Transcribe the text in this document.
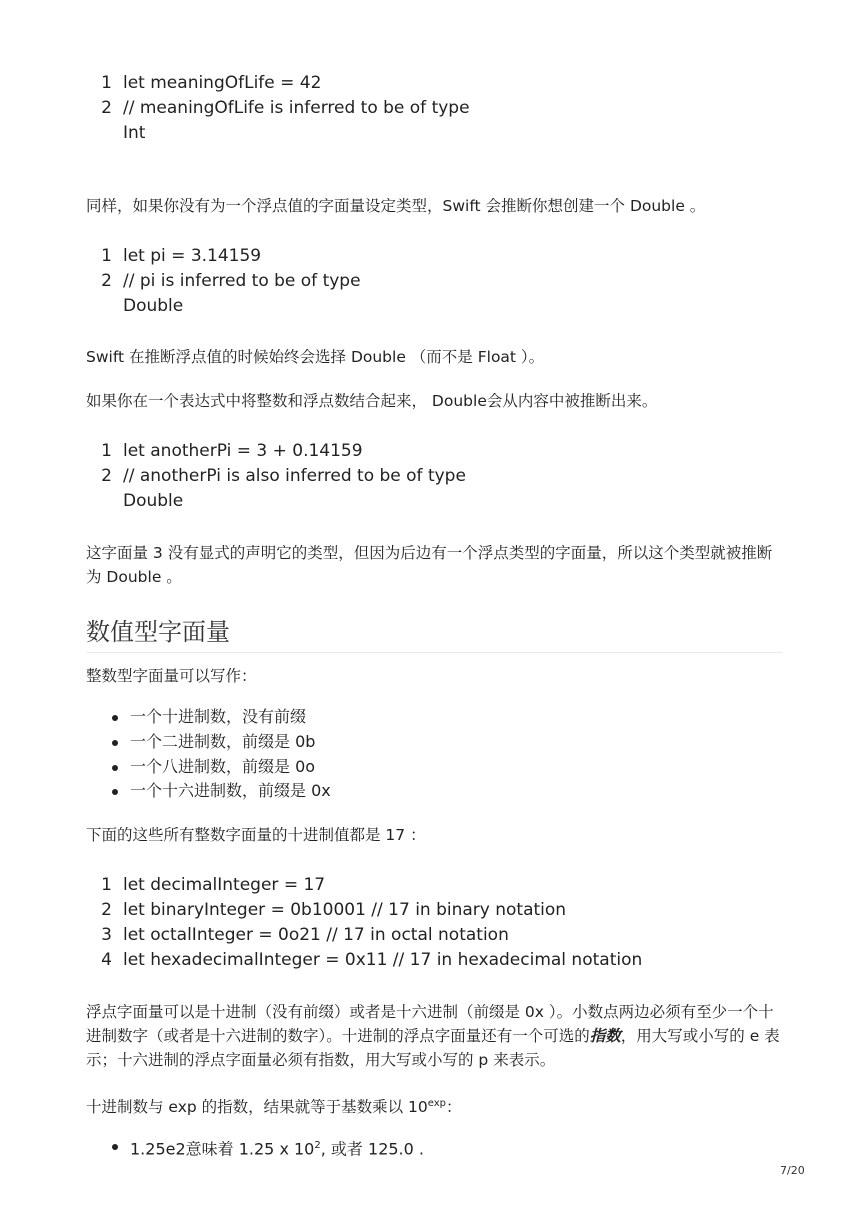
1 let meaningOfLife = 42
2 // meaningOfLife is inferred to be of type
Int
同样，如果你没有为一个浮点值的字面量设定类型，Swift 会推断你想创建一个 Double 。
1 let pi = 3.14159
2 // pi is inferred to be of type
Double
Swift 在推断浮点值的时候始终会选择 Double （而不是 Float ）。
如果你在一个表达式中将整数和浮点数结合起来， Double会从内容中被推断出来。
1 let anotherPi = 3 + 0.14159
2 // anotherPi is also inferred to be of type
Double
这字面量 3 没有显式的声明它的类型，但因为后边有一个浮点类型的字面量，所以这个类型就被推断为 Double 。
数值型字面量
整数型字面量可以写作：
一个十进制数，没有前缀
一个二进制数，前缀是 0b
一个八进制数，前缀是 0o
一个十六进制数，前缀是 0x
下面的这些所有整数字面量的十进制值都是 17 ：
1 let decimalInteger = 17
2 let binaryInteger = 0b10001 // 17 in binary notation
3 let octalInteger = 0o21 // 17 in octal notation
4 let hexadecimalInteger = 0x11 // 17 in hexadecimal notation
浮点字面量可以是十进制（没有前缀）或者是十六进制（前缀是 0x ）。小数点两边必须有至少一个十进制数字（或者是十六进制的数字）。十进制的浮点字面量还有一个可选的指数，用大写或小写的 e 表示；十六进制的浮点字面量必须有指数，用大写或小写的 p 来表示。
十进制数与 exp 的指数，结果就等于基数乘以 $10^{exp}$：
1.25e2意味着 1.25 x $10^2$, 或者 125.0 .
7/20
